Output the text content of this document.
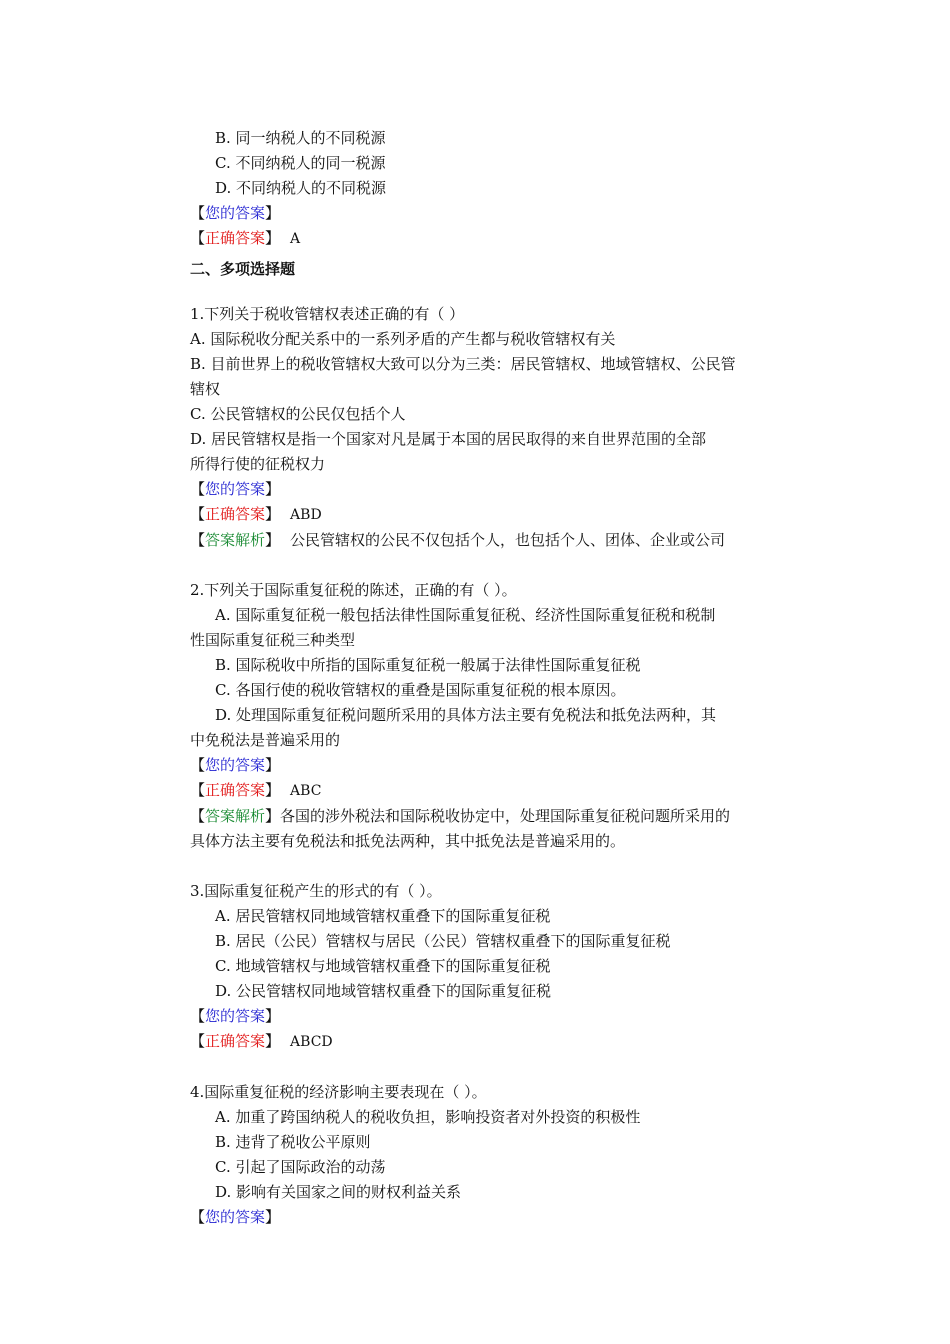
B. 同一纳税人的不同税源
C. 不同纳税人的同一税源
D. 不同纳税人的不同税源
【您的答案】
【正确答案】 A
二、多项选择题
1.下列关于税收管辖权表述正确的有（ ）
A. 国际税收分配关系中的一系列矛盾的产生都与税收管辖权有关
B. 目前世界上的税收管辖权大致可以分为三类：居民管辖权、地域管辖权、公民管
辖权
C. 公民管辖权的公民仅包括个人
D. 居民管辖权是指一个国家对凡是属于本国的居民取得的来自世界范围的全部
所得行使的征税权力
【您的答案】
【正确答案】 ABD
【答案解析】 公民管辖权的公民不仅包括个人，也包括个人、团体、企业或公司
2.下列关于国际重复征税的陈述，正确的有（ ）。
A. 国际重复征税一般包括法律性国际重复征税、经济性国际重复征税和税制
性国际重复征税三种类型
B. 国际税收中所指的国际重复征税一般属于法律性国际重复征税
C. 各国行使的税收管辖权的重叠是国际重复征税的根本原因。
D. 处理国际重复征税问题所采用的具体方法主要有免税法和抵免法两种，其
中免税法是普遍采用的
【您的答案】
【正确答案】 ABC
【答案解析】各国的涉外税法和国际税收协定中，处理国际重复征税问题所采用的
具体方法主要有免税法和抵免法两种，其中抵免法是普遍采用的。
3.国际重复征税产生的形式的有（ ）。
A. 居民管辖权同地域管辖权重叠下的国际重复征税
B. 居民（公民）管辖权与居民（公民）管辖权重叠下的国际重复征税
C. 地域管辖权与地域管辖权重叠下的国际重复征税
D. 公民管辖权同地域管辖权重叠下的国际重复征税
【您的答案】
【正确答案】 ABCD
4.国际重复征税的经济影响主要表现在（ ）。
A. 加重了跨国纳税人的税收负担，影响投资者对外投资的积极性
B. 违背了税收公平原则
C. 引起了国际政治的动荡
D. 影响有关国家之间的财权利益关系
【您的答案】
